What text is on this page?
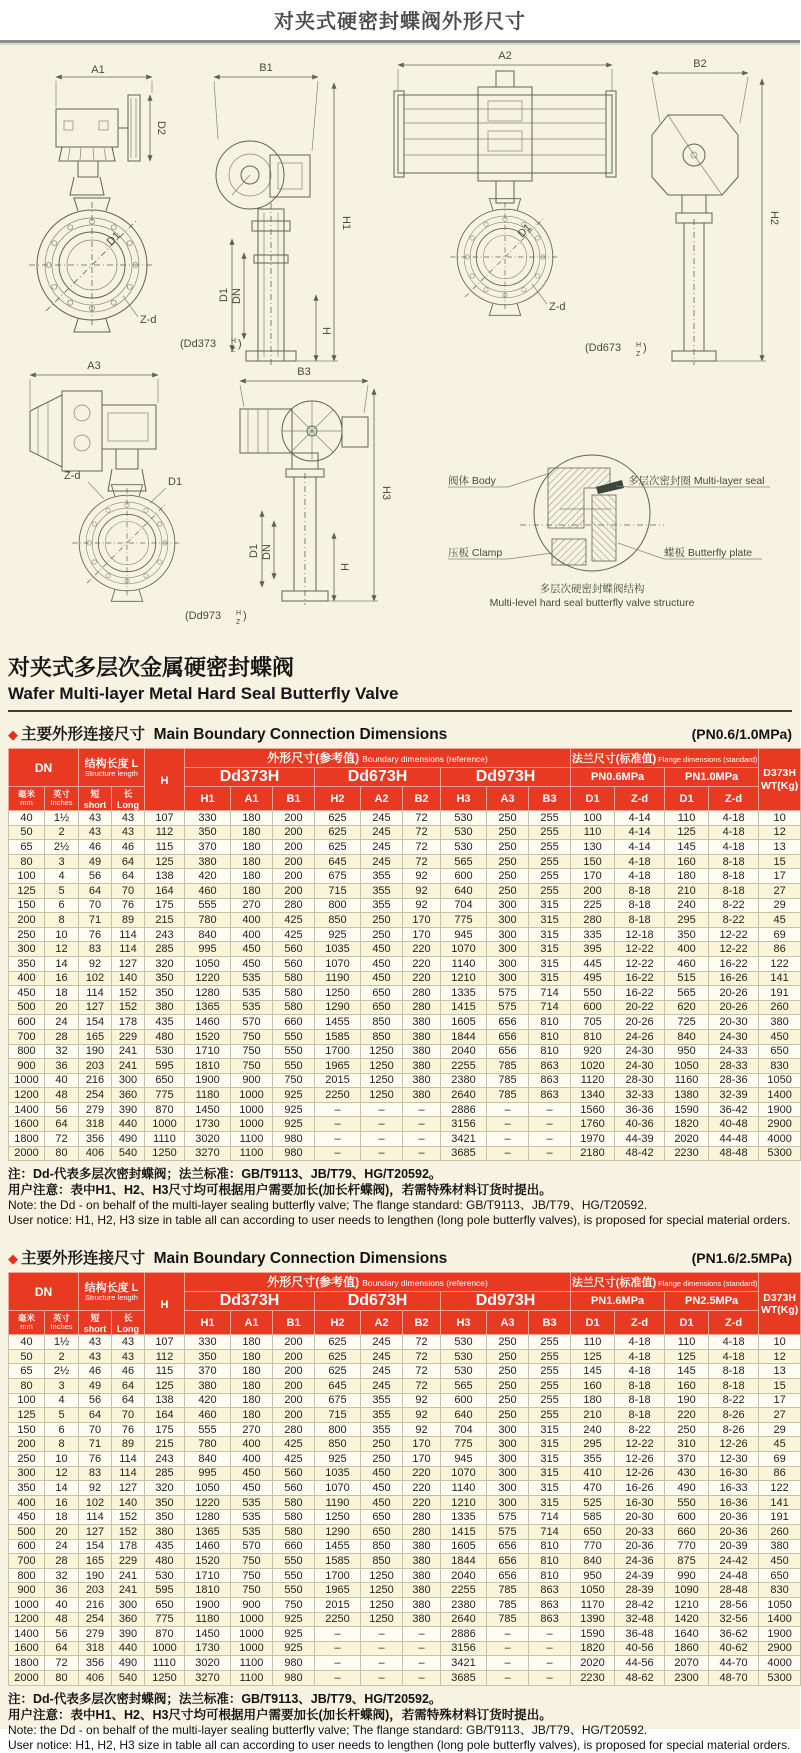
对夹式硬密封蝶阀外形尺寸
A1
D2
D1
Z-d
B1
H1
D1 DN
H
(Dd373 H
Z
)
A2
D1
Z-d
(Dd673 H
Z
)
B2
H2
A3
Z-d	D1
(Dd973 H
Z
)
B3
H3
D1 DN
H
阀体 Body	多层次密封圈 Multi-layer seal
压板 Clamp	蝶板 Butterfly plate
多层次硬密封蝶阀结构
Multi-level hard seal butterfly valve structure
对夹式多层次金属硬密封蝶阀
Wafer Multi-layer Metal Hard Seal Butterfly Valve
◆ 主要外形连接尺寸 Main Boundary Connection Dimensions	(PN0.6/1.0MPa)
DN		结构长度 L
Structure length		H	外形尺寸(参考值) Boundary dimensions (reference)									法兰尺寸(标准值) Flange dimensions (standard)				D373H
WT(Kg)

					Dd373H			Dd673H			Dd973H			PN0.6MPa		PN1.0MPa		

毫米
mm	英寸
Inches	短 short	长 Long		H1	A1	B1	H2	A2	B2	H3	A3	B3	D1	Z-d	D1	Z-d	
40	1½	43	43	107	330	180	200	625	245	72	530	250	255	100	4-14	110	4-18	10
50	2	43	43	112	350	180	200	625	245	72	530	250	255	110	4-14	125	4-18	12
65	2½	46	46	115	370	180	200	625	245	72	530	250	255	130	4-14	145	4-18	13
80	3	49	64	125	380	180	200	645	245	72	565	250	255	150	4-18	160	8-18	15
100	4	56	64	138	420	180	200	675	355	92	600	250	255	170	4-18	180	8-18	17
125	5	64	70	164	460	180	200	715	355	92	640	250	255	200	8-18	210	8-18	27
150	6	70	76	175	555	270	280	800	355	92	704	300	315	225	8-18	240	8-22	29
200	8	71	89	215	780	400	425	850	250	170	775	300	315	280	8-18	295	8-22	45
250	10	76	114	243	840	400	425	925	250	170	945	300	315	335	12-18	350	12-22	69
300	12	83	114	285	995	450	560	1035	450	220	1070	300	315	395	12-22	400	12-22	86
350	14	92	127	320	1050	450	560	1070	450	220	1140	300	315	445	12-22	460	16-22	122
400	16	102	140	350	1220	535	580	1190	450	220	1210	300	315	495	16-22	515	16-26	141
450	18	114	152	350	1280	535	580	1250	650	280	1335	575	714	550	16-22	565	20-26	191
500	20	127	152	380	1365	535	580	1290	650	280	1415	575	714	600	20-22	620	20-26	260
600	24	154	178	435	1460	570	660	1455	850	380	1605	656	810	705	20-26	725	20-30	380
700	28	165	229	480	1520	750	550	1585	850	380	1844	656	810	810	24-26	840	24-30	450
800	32	190	241	530	1710	750	550	1700	1250	380	2040	656	810	920	24-30	950	24-33	650
900	36	203	241	595	1810	750	550	1965	1250	380	2255	785	863	1020	24-30	1050	28-33	830
1000	40	216	300	650	1900	900	750	2015	1250	380	2380	785	863	1120	28-30	1160	28-36	1050
1200	48	254	360	775	1180	1000	925	2250	1250	380	2640	785	863	1340	32-33	1380	32-39	1400
1400	56	279	390	870	1450	1000	925	–	–	–	2886	–	–	1560	36-36	1590	36-42	1900
1600	64	318	440	1000	1730	1000	925	–	–	–	3156	–	–	1760	40-36	1820	40-48	2900
1800	72	356	490	1110	3020	1100	980	–	–	–	3421	–	–	1970	44-39	2020	44-48	4000
2000	80	406	540	1250	3270	1100	980	–	–	–	3685	–	–	2180	48-42	2230	48-48	5300
注：Dd-代表多层次密封蝶阀；法兰标准：GB/T9113、JB/T79、HG/T20592。
用户注意：表中H1、H2、H3尺寸均可根据用户需要加长(加长杆蝶阀)，若需特殊材料订货时提出。
Note: the Dd - on behalf of the multi-layer sealing butterfly valve; The flange standard: GB/T9113、JB/T79、HG/T20592.
User notice: H1, H2, H3 size in table all can according to user needs to lengthen (long pole butterfly valves), is proposed for special material orders.
◆ 主要外形连接尺寸 Main Boundary Connection Dimensions	(PN1.6/2.5MPa)
DN		结构长度 L
Structure length		H	外形尺寸(参考值) Boundary dimensions (reference)									法兰尺寸(标准值) Flange dimensions (standard)				D373H
WT(Kg)

					Dd373H			Dd673H			Dd973H			PN1.6MPa		PN2.5MPa		

毫米
mm	英寸
Inches	短 short	长 Long		H1	A1	B1	H2	A2	B2	H3	A3	B3	D1	Z-d	D1	Z-d	
40	1½	43	43	107	330	180	200	625	245	72	530	250	255	110	4-18	110	4-18	10
50	2	43	43	112	350	180	200	625	245	72	530	250	255	125	4-18	125	4-18	12
65	2½	46	46	115	370	180	200	625	245	72	530	250	255	145	4-18	145	8-18	13
80	3	49	64	125	380	180	200	645	245	72	565	250	255	160	8-18	160	8-18	15
100	4	56	64	138	420	180	200	675	355	92	600	250	255	180	8-18	190	8-22	17
125	5	64	70	164	460	180	200	715	355	92	640	250	255	210	8-18	220	8-26	27
150	6	70	76	175	555	270	280	800	355	92	704	300	315	240	8-22	250	8-26	29
200	8	71	89	215	780	400	425	850	250	170	775	300	315	295	12-22	310	12-26	45
250	10	76	114	243	840	400	425	925	250	170	945	300	315	355	12-26	370	12-30	69
300	12	83	114	285	995	450	560	1035	450	220	1070	300	315	410	12-26	430	16-30	86
350	14	92	127	320	1050	450	560	1070	450	220	1140	300	315	470	16-26	490	16-33	122
400	16	102	140	350	1220	535	580	1190	450	220	1210	300	315	525	16-30	550	16-36	141
450	18	114	152	350	1280	535	580	1250	650	280	1335	575	714	585	20-30	600	20-36	191
500	20	127	152	380	1365	535	580	1290	650	280	1415	575	714	650	20-33	660	20-36	260
600	24	154	178	435	1460	570	660	1455	850	380	1605	656	810	770	20-36	770	20-39	380
700	28	165	229	480	1520	750	550	1585	850	380	1844	656	810	840	24-36	875	24-42	450
800	32	190	241	530	1710	750	550	1700	1250	380	2040	656	810	950	24-39	990	24-48	650
900	36	203	241	595	1810	750	550	1965	1250	380	2255	785	863	1050	28-39	1090	28-48	830
1000	40	216	300	650	1900	900	750	2015	1250	380	2380	785	863	1170	28-42	1210	28-56	1050
1200	48	254	360	775	1180	1000	925	2250	1250	380	2640	785	863	1390	32-48	1420	32-56	1400
1400	56	279	390	870	1450	1000	925	–	–	–	2886	–	–	1590	36-48	1640	36-62	1900
1600	64	318	440	1000	1730	1000	925	–	–	–	3156	–	–	1820	40-56	1860	40-62	2900
1800	72	356	490	1110	3020	1100	980	–	–	–	3421	–	–	2020	44-56	2070	44-70	4000
2000	80	406	540	1250	3270	1100	980	–	–	–	3685	–	–	2230	48-62	2300	48-70	5300
注：Dd-代表多层次密封蝶阀；法兰标准：GB/T9113、JB/T79、HG/T20592。
用户注意：表中H1、H2、H3尺寸均可根据用户需要加长(加长杆蝶阀)，若需特殊材料订货时提出。
Note: the Dd - on behalf of the multi-layer sealing butterfly valve; The flange standard: GB/T9113、JB/T79、HG/T20592.
User notice: H1, H2, H3 size in table all can according to user needs to lengthen (long pole butterfly valves), is proposed for special material orders.
